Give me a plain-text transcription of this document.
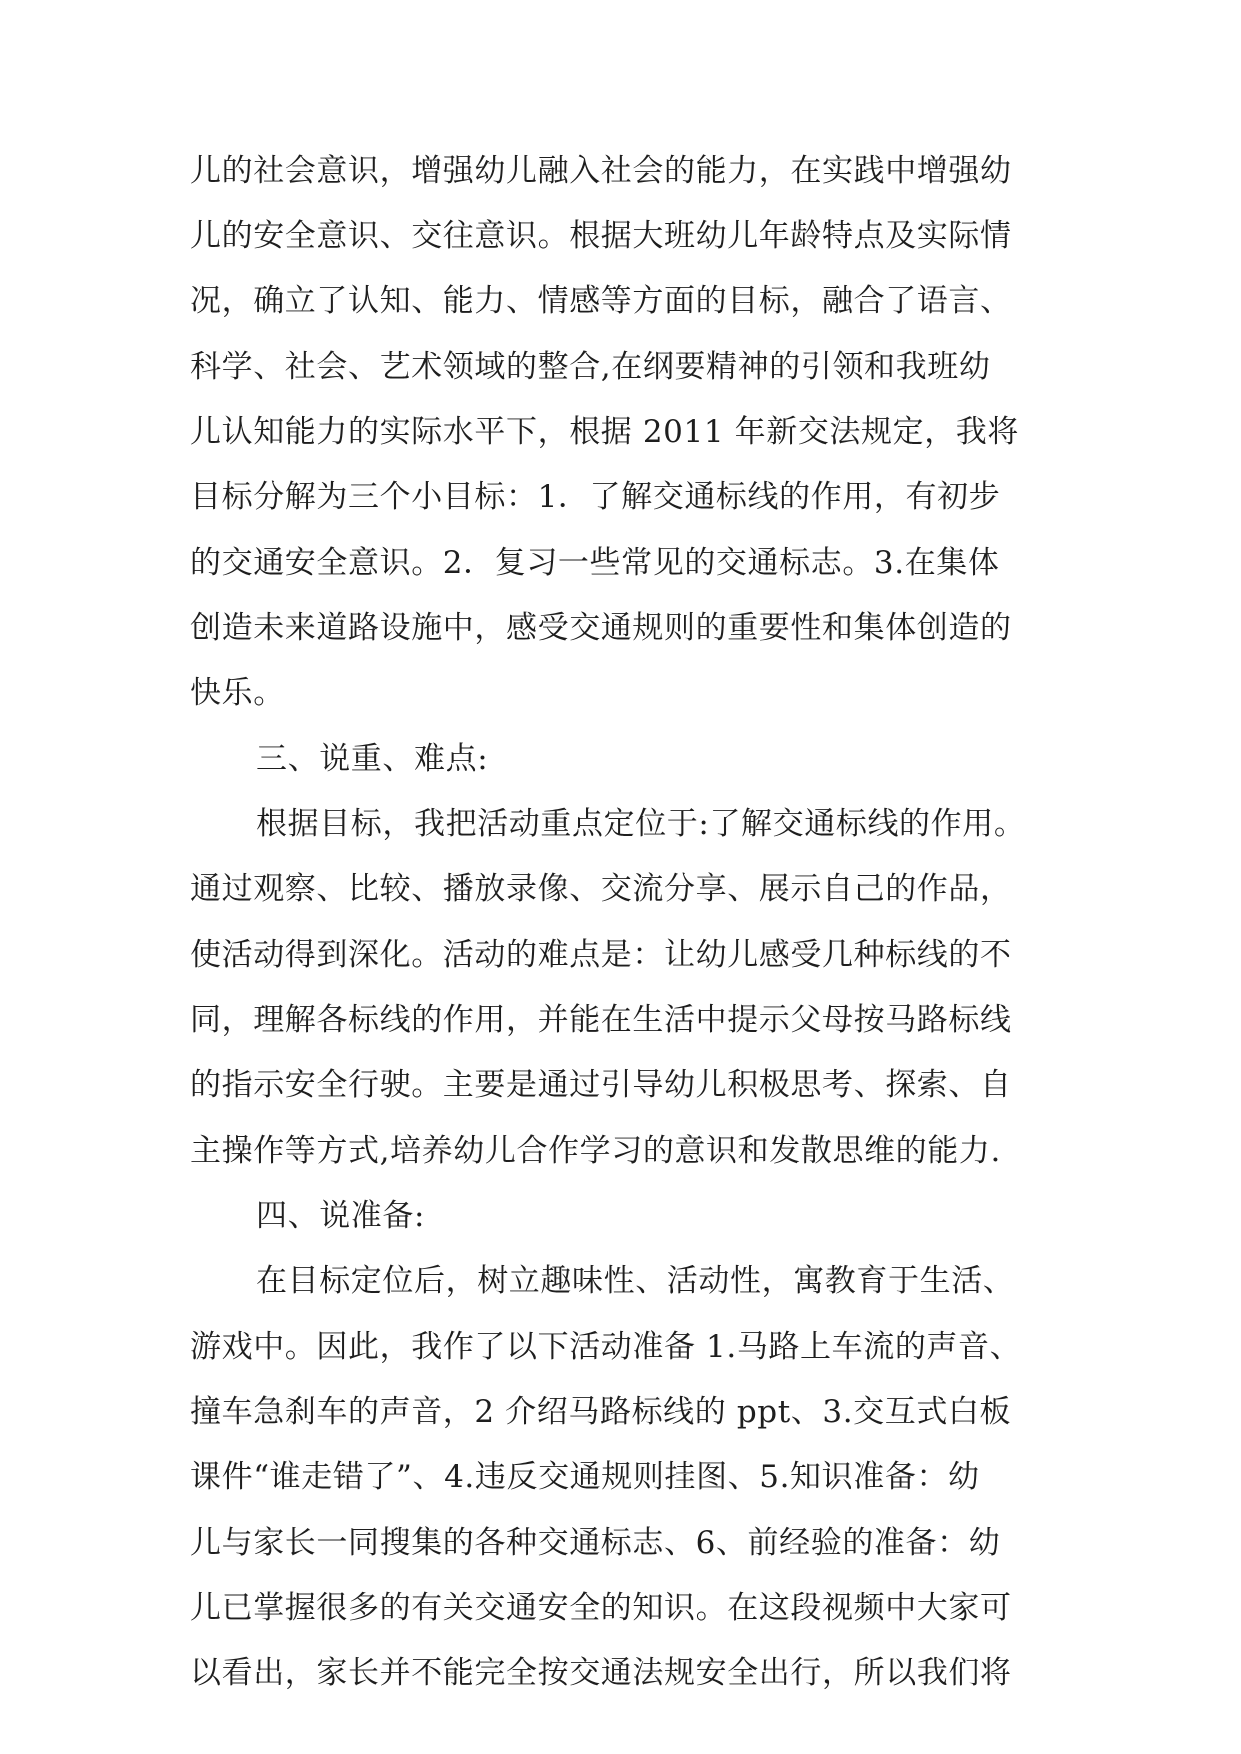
儿的社会意识，增强幼儿融入社会的能力，在实践中增强幼
儿的安全意识、交往意识。根据大班幼儿年龄特点及实际情
况，确立了认知、能力、情感等方面的目标，融合了语言、
科学、社会、艺术领域的整合,在纲要精神的引领和我班幼
儿认知能力的实际水平下，根据 2011 年新交法规定，我将
目标分解为三个小目标：1．了解交通标线的作用，有初步
的交通安全意识。2．复习一些常见的交通标志。3.在集体
创造未来道路设施中，感受交通规则的重要性和集体创造的
快乐。
三、说重、难点:
根据目标，我把活动重点定位于:了解交通标线的作用。
通过观察、比较、播放录像、交流分享、展示自己的作品，
使活动得到深化。活动的难点是：让幼儿感受几种标线的不
同，理解各标线的作用，并能在生活中提示父母按马路标线
的指示安全行驶。主要是通过引导幼儿积极思考、探索、自
主操作等方式,培养幼儿合作学习的意识和发散思维的能力.
四、说准备:
在目标定位后，树立趣味性、活动性，寓教育于生活、
游戏中。因此，我作了以下活动准备 1.马路上车流的声音、
撞车急刹车的声音，2 介绍马路标线的 ppt、3.交互式白板
课件“谁走错了”、4.违反交通规则挂图、5.知识准备：幼
儿与家长一同搜集的各种交通标志、6、前经验的准备：幼
儿已掌握很多的有关交通安全的知识。在这段视频中大家可
以看出，家长并不能完全按交通法规安全出行，所以我们将
